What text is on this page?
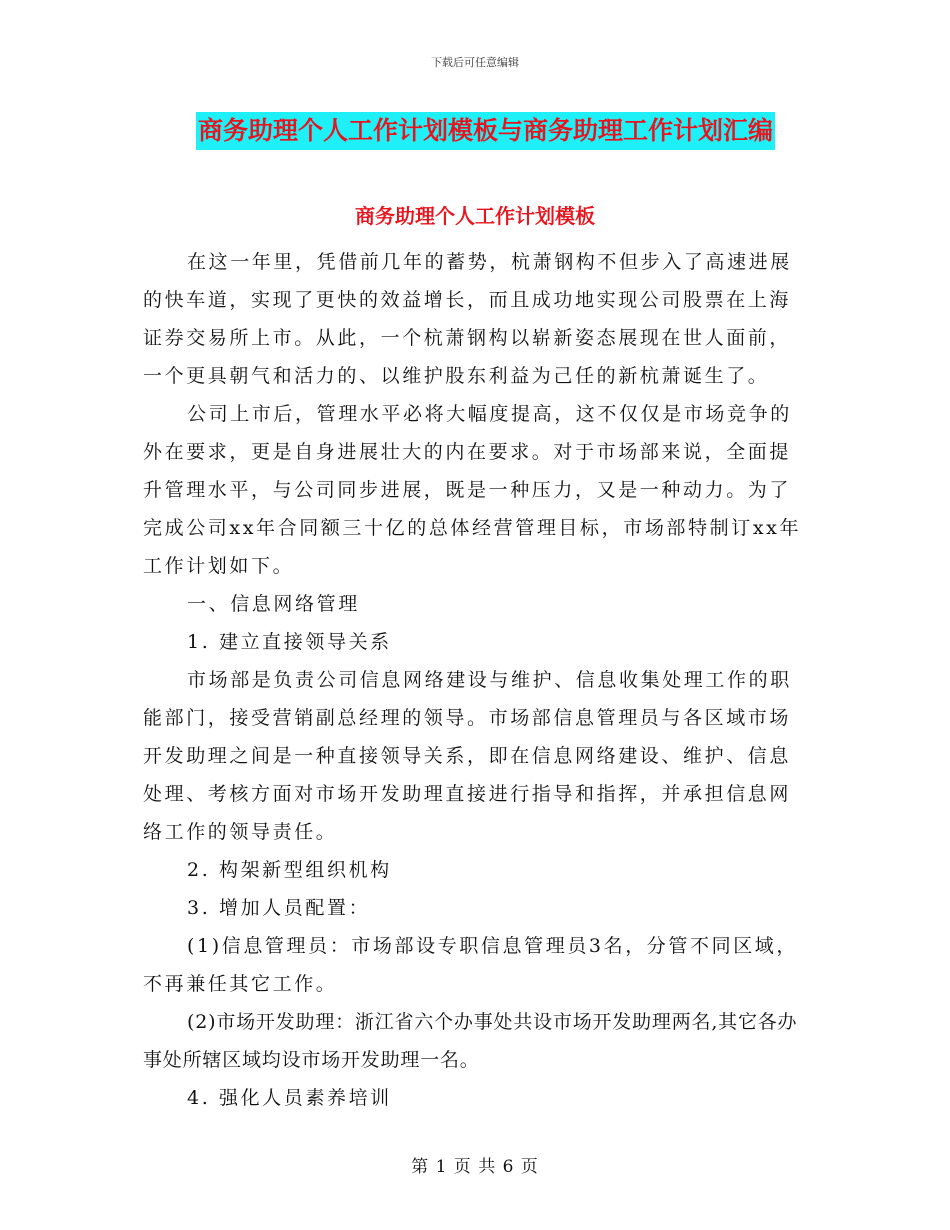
下载后可任意编辑
商务助理个人工作计划模板与商务助理工作计划汇编
商务助理个人工作计划模板

在这一年里，凭借前几年的蓄势，杭萧钢构不但步入了高速进展的快车道，实现了更快的效益增长，而且成功地实现公司股票在上海证券交易所上市。从此，一个杭萧钢构以崭新姿态展现在世人面前，一个更具朝气和活力的、以维护股东利益为己任的新杭萧诞生了。

公司上市后，管理水平必将大幅度提高，这不仅仅是市场竞争的外在要求，更是自身进展壮大的内在要求。对于市场部来说，全面提升管理水平，与公司同步进展，既是一种压力，又是一种动力。为了完成公司xx年合同额三十亿的总体经营管理目标，市场部特制订xx年工作计划如下。

一、信息网络管理

1. 建立直接领导关系

市场部是负责公司信息网络建设与维护、信息收集处理工作的职能部门，接受营销副总经理的领导。市场部信息管理员与各区域市场开发助理之间是一种直接领导关系，即在信息网络建设、维护、信息处理、考核方面对市场开发助理直接进行指导和指挥，并承担信息网络工作的领导责任。

2. 构架新型组织机构

3. 增加人员配置：

(1)信息管理员：市场部设专职信息管理员3名，分管不同区域，不再兼任其它工作。

(2)市场开发助理：浙江省六个办事处共设市场开发助理两名,其它各办事处所辖区域均设市场开发助理一名。

4. 强化人员素养培训

第 1 页 共 6 页
